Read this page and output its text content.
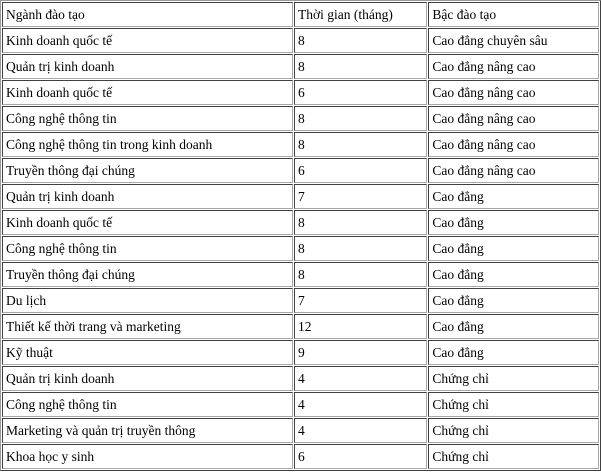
Ngành đào tạo	Thời gian (tháng)	Bậc đào tạo
Kinh doanh quốc tế	8	Cao đẳng chuyên sâu
Quản trị kinh doanh	8	Cao đẳng nâng cao
Kinh doanh quốc tế	6	Cao đẳng nâng cao
Công nghệ thông tin	8	Cao đẳng nâng cao
Công nghệ thông tin trong kinh doanh	8	Cao đẳng nâng cao
Truyền thông đại chúng	6	Cao đẳng nâng cao
Quản trị kinh doanh	7	Cao đẳng
Kinh doanh quốc tế	8	Cao đẳng
Công nghệ thông tin	8	Cao đẳng
Truyền thông đại chúng	8	Cao đẳng
Du lịch	7	Cao đẳng
Thiết kế thời trang và marketing	12	Cao đẳng
Kỹ thuật	9	Cao đẳng
Quản trị kinh doanh	4	Chứng chỉ
Công nghệ thông tin	4	Chứng chỉ
Marketing và quản trị truyền thông	4	Chứng chỉ
Khoa học y sinh	6	Chứng chỉ
